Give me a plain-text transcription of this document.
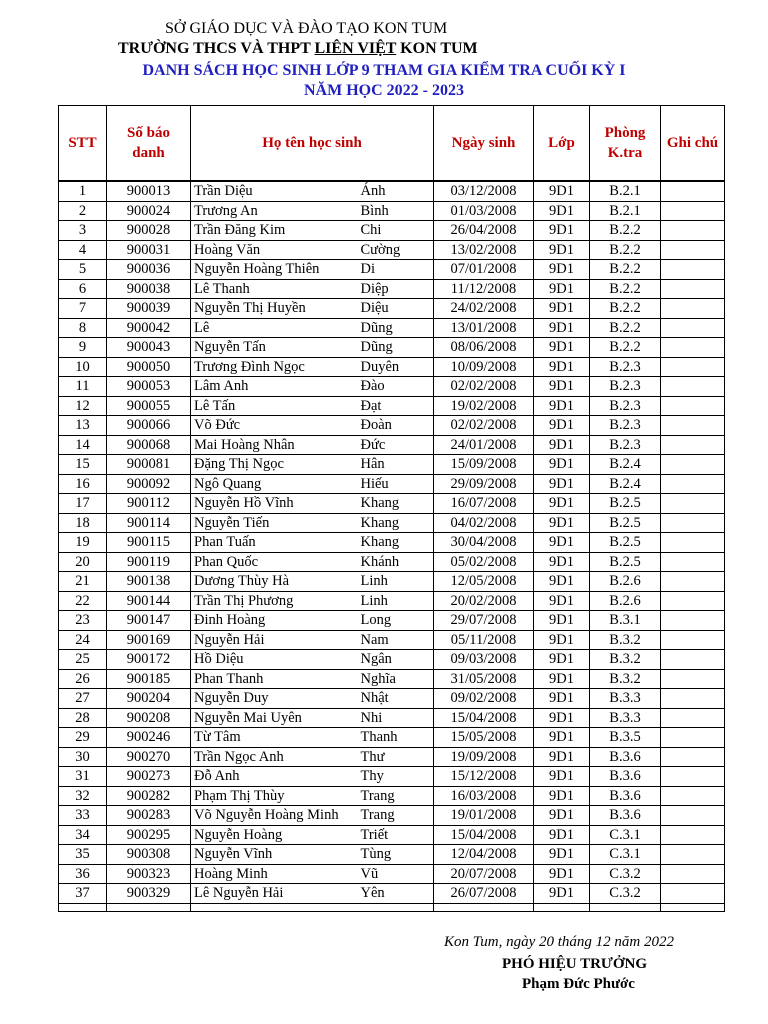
SỞ GIÁO DỤC VÀ ĐÀO TẠO KON TUM
TRƯỜNG THCS VÀ THPT LIÊN VIỆT KON TUM
DANH SÁCH HỌC SINH LỚP 9 THAM GIA KIỂM TRA CUỐI KỲ I
NĂM HỌC 2022 - 2023
STT	Số báo danh	Họ tên học sinh		Ngày sinh	Lớp	Phòng K.tra	Ghi chú

1	900013	Trần Diệu	Ánh	03/12/2008	9D1	B.2.1	
2	900024	Trương An	Bình	01/03/2008	9D1	B.2.1	
3	900028	Trần Đăng Kim	Chi	26/04/2008	9D1	B.2.2	
4	900031	Hoàng Văn	Cường	13/02/2008	9D1	B.2.2	
5	900036	Nguyễn Hoàng Thiên	Di	07/01/2008	9D1	B.2.2	
6	900038	Lê Thanh	Diệp	11/12/2008	9D1	B.2.2	
7	900039	Nguyễn Thị Huyền	Diệu	24/02/2008	9D1	B.2.2	
8	900042	Lê	Dũng	13/01/2008	9D1	B.2.2	
9	900043	Nguyễn Tấn	Dũng	08/06/2008	9D1	B.2.2	
10	900050	Trương Đình Ngọc	Duyên	10/09/2008	9D1	B.2.3	
11	900053	Lâm Anh	Đào	02/02/2008	9D1	B.2.3	
12	900055	Lê Tấn	Đạt	19/02/2008	9D1	B.2.3	
13	900066	Võ Đức	Đoàn	02/02/2008	9D1	B.2.3	
14	900068	Mai Hoàng Nhân	Đức	24/01/2008	9D1	B.2.3	
15	900081	Đặng Thị Ngọc	Hân	15/09/2008	9D1	B.2.4	
16	900092	Ngô Quang	Hiếu	29/09/2008	9D1	B.2.4	
17	900112	Nguyễn Hồ Vĩnh	Khang	16/07/2008	9D1	B.2.5	
18	900114	Nguyễn Tiến	Khang	04/02/2008	9D1	B.2.5	
19	900115	Phan Tuấn	Khang	30/04/2008	9D1	B.2.5	
20	900119	Phan Quốc	Khánh	05/02/2008	9D1	B.2.5	
21	900138	Dương Thùy Hà	Linh	12/05/2008	9D1	B.2.6	
22	900144	Trần Thị Phương	Linh	20/02/2008	9D1	B.2.6	
23	900147	Đinh Hoàng	Long	29/07/2008	9D1	B.3.1	
24	900169	Nguyễn Hải	Nam	05/11/2008	9D1	B.3.2	
25	900172	Hồ Diệu	Ngân	09/03/2008	9D1	B.3.2	
26	900185	Phan Thanh	Nghĩa	31/05/2008	9D1	B.3.2	
27	900204	Nguyễn Duy	Nhật	09/02/2008	9D1	B.3.3	
28	900208	Nguyễn Mai Uyên	Nhi	15/04/2008	9D1	B.3.3	
29	900246	Từ Tâm	Thanh	15/05/2008	9D1	B.3.5	
30	900270	Trần Ngọc Anh	Thư	19/09/2008	9D1	B.3.6	
31	900273	Đỗ Anh	Thy	15/12/2008	9D1	B.3.6	
32	900282	Phạm Thị Thùy	Trang	16/03/2008	9D1	B.3.6	
33	900283	Võ Nguyễn Hoàng Minh	Trang	19/01/2008	9D1	B.3.6	
34	900295	Nguyễn Hoàng	Triết	15/04/2008	9D1	C.3.1	
35	900308	Nguyễn Vĩnh	Tùng	12/04/2008	9D1	C.3.1	
36	900323	Hoàng Minh	Vũ	20/07/2008	9D1	C.3.2	
37	900329	Lê Nguyễn Hải	Yên	26/07/2008	9D1	C.3.2	

Kon Tum, ngày 20 tháng 12 năm 2022
PHÓ HIỆU TRƯỞNG
Phạm Đức Phước
